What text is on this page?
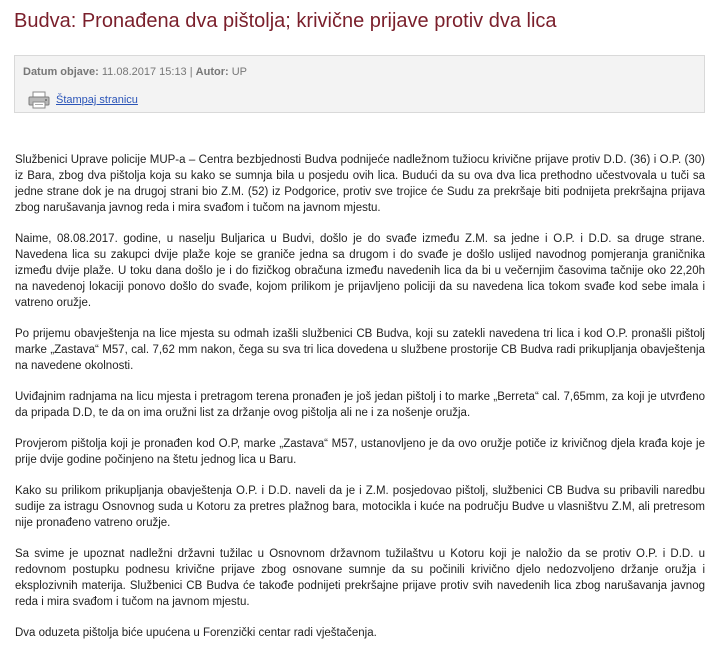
Budva: Pronađena dva pištolja; krivične prijave protiv dva lica
Datum objave: 11.08.2017 15:13 | Autor: UP
Štampaj stranicu

Službenici Uprave policije MUP-a – Centra bezbjednosti Budva podnijeće nadležnom tužiocu krivične prijave protiv D.D. (36) i O.P. (30) iz Bara, zbog dva pištolja koja su kako se sumnja bila u posjedu ovih lica. Budući da su ova dva lica prethodno učestvovala u tuči sa jedne strane dok je na drugoj strani bio Z.M. (52) iz Podgorice, protiv sve trojice će Sudu za prekršaje biti podnijeta prekršajna prijava zbog narušavanja javnog reda i mira svađom i tučom na javnom mjestu.

Naime, 08.08.2017. godine, u naselju Buljarica u Budvi, došlo je do svađe između Z.M. sa jedne i O.P. i D.D. sa druge strane. Navedena lica su zakupci dvije plaže koje se graniče jedna sa drugom i do svađe je došlo uslijed navodnog pomjeranja graničnika između dvije plaže. U toku dana došlo je i do fizičkog obračuna između navedenih lica da bi u večernjim časovima tačnije oko 22,20h na navedenoj lokaciji ponovo došlo do svađe, kojom prilikom je prijavljeno policiji da su navedena lica tokom svađe kod sebe imala i vatreno oružje.

Po prijemu obavještenja na lice mjesta su odmah izašli službenici CB Budva, koji su zatekli navedena tri lica i kod O.P. pronašli pištolj marke „Zastava“ M57, cal. 7,62 mm nakon, čega su sva tri lica dovedena u službene prostorije CB Budva radi prikupljanja obavještenja na navedene okolnosti.

Uviđajnim radnjama na licu mjesta i pretragom terena pronađen je još jedan pištolj i to marke „Berreta“ cal. 7,65mm, za koji je utvrđeno da pripada D.D, te da on ima oružni list za držanje ovog pištolja ali ne i za nošenje oružja.

Provjerom pištolja koji je pronađen kod O.P, marke „Zastava“ M57, ustanovljeno je da ovo oružje potiče iz krivičnog djela krađa koje je prije dvije godine počinjeno na štetu jednog lica u Baru.

Kako su prilikom prikupljanja obavještenja O.P. i D.D. naveli da je i Z.M. posjedovao pištolj, službenici CB Budva su pribavili naredbu sudije za istragu Osnovnog suda u Kotoru za pretres plažnog bara, motocikla i kuće na području Budve u vlasništvu Z.M, ali pretresom nije pronađeno vatreno oružje.

Sa svime je upoznat nadležni državni tužilac u Osnovnom državnom tužilaštvu u Kotoru koji je naložio da se protiv O.P. i D.D. u redovnom postupku podnesu krivične prijave zbog osnovane sumnje da su počinili krivično djelo nedozvoljeno držanje oružja i eksplozivnih materija. Službenici CB Budva će takođe podnijeti prekršajne prijave protiv svih navedenih lica zbog narušavanja javnog reda i mira svađom i tučom na javnom mjestu.

Dva oduzeta pištolja biće upućena u Forenzički centar radi vještačenja.
